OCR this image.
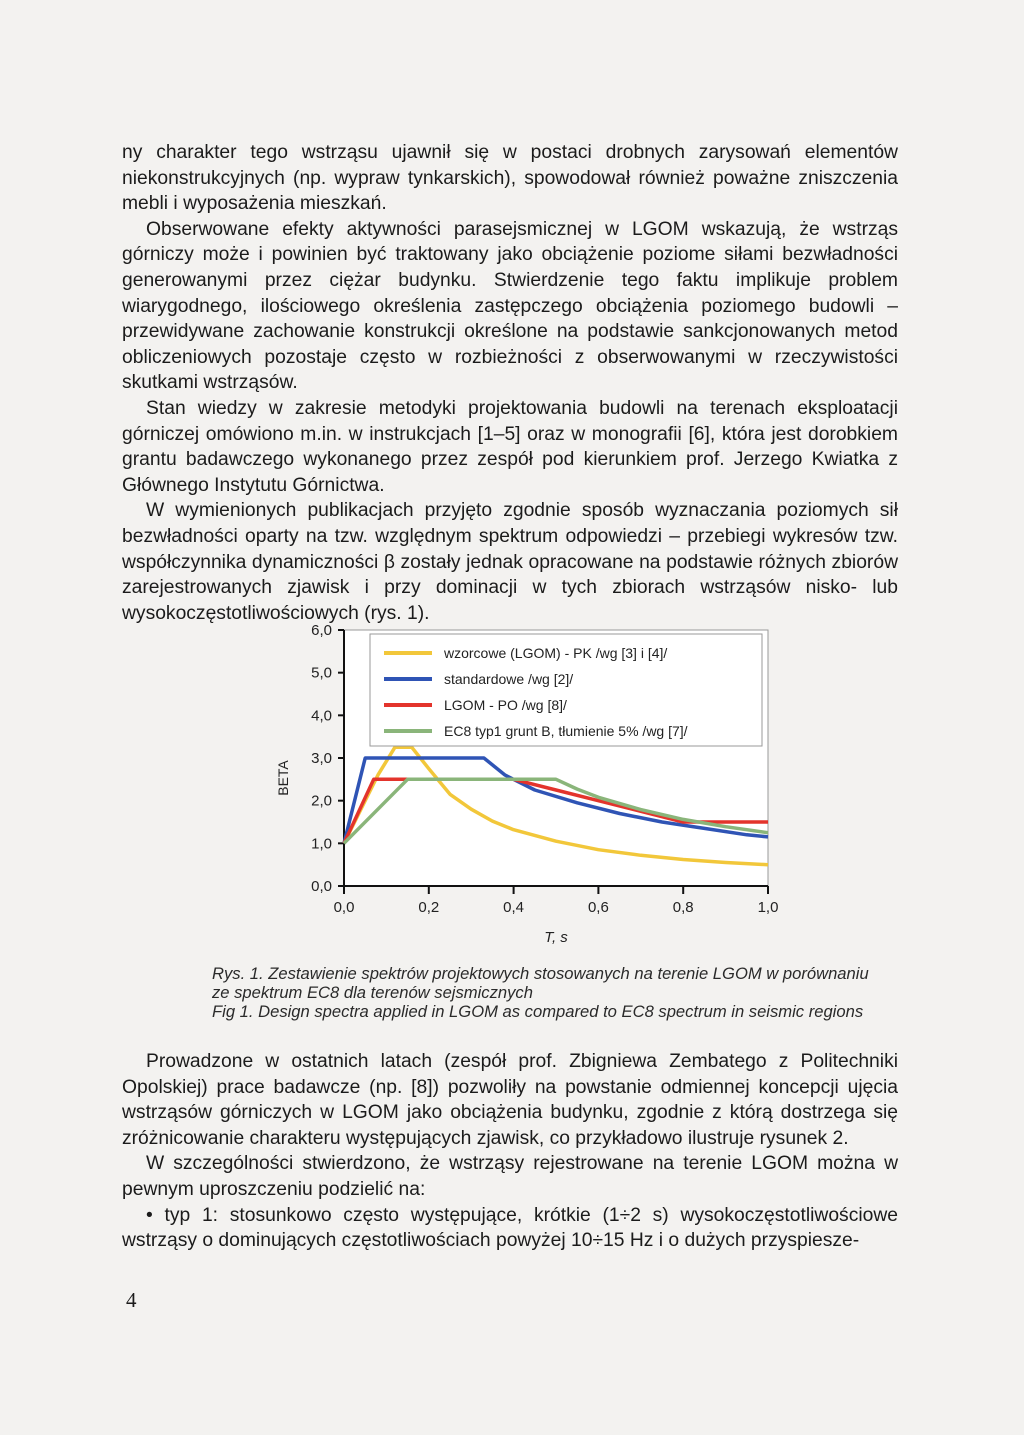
ny charakter tego wstrząsu ujawnił się w postaci drobnych zarysowań elementów niekonstrukcyjnych (np. wypraw tynkarskich), spowodował również poważne zniszczenia mebli i wyposażenia mieszkań.

Obserwowane efekty aktywności parasejsmicznej w LGOM wskazują, że wstrząs górniczy może i powinien być traktowany jako obciążenie poziome siłami bezwładności generowanymi przez ciężar budynku. Stwierdzenie tego faktu implikuje problem wiarygodnego, ilościowego określenia zastępczego obciążenia poziomego budowli – przewidywane zachowanie konstrukcji określone na podstawie sankcjonowanych metod obliczeniowych pozostaje często w rozbieżności z obserwowanymi w rzeczywistości skutkami wstrząsów.

Stan wiedzy w zakresie metodyki projektowania budowli na terenach eksploatacji górniczej omówiono m.in. w instrukcjach [1–5] oraz w monografii [6], która jest dorobkiem grantu badawczego wykonanego przez zespół pod kierunkiem prof. Jerzego Kwiatka z Głównego Instytutu Górnictwa.

W wymienionych publikacjach przyjęto zgodnie sposób wyznaczania poziomych sił bezwładności oparty na tzw. względnym spektrum odpowiedzi – przebiegi wykresów tzw. współczynnika dynamiczności β zostały jednak opracowane na podstawie różnych zbiorów zarejestrowanych zjawisk i przy dominacji w tych zbiorach wstrząsów nisko- lub wysokoczęstotliwościowych (rys. 1).

0,0
1,0
2,0
3,0
4,0
5,0
6,0
0,0	0,2	0,4	0,6	0,8	1,0
BETA
T, s
wzorcowe (LGOM) - PK /wg [3] i [4]/
standardowe /wg [2]/
LGOM - PO /wg [8]/
EC8 typ1 grunt B, tłumienie 5% /wg [7]/
Rys. 1. Zestawienie spektrów projektowych stosowanych na terenie LGOM w porównaniu
ze spektrum EC8 dla terenów sejsmicznych
Fig 1. Design spectra applied in LGOM as compared to EC8 spectrum in seismic regions

Prowadzone w ostatnich latach (zespół prof. Zbigniewa Zembatego z Politechniki Opolskiej) prace badawcze (np. [8]) pozwoliły na powstanie odmiennej koncepcji ujęcia wstrząsów górniczych w LGOM jako obciążenia budynku, zgodnie z którą dostrzega się zróżnicowanie charakteru występujących zjawisk, co przykładowo ilustruje rysunek 2.

W szczególności stwierdzono, że wstrząsy rejestrowane na terenie LGOM można w pewnym uproszczeniu podzielić na:

• typ 1: stosunkowo często występujące, krótkie (1÷2 s) wysokoczęstotliwościowe wstrząsy o dominujących częstotliwościach powyżej 10÷15 Hz i o dużych przyspiesze-

4
